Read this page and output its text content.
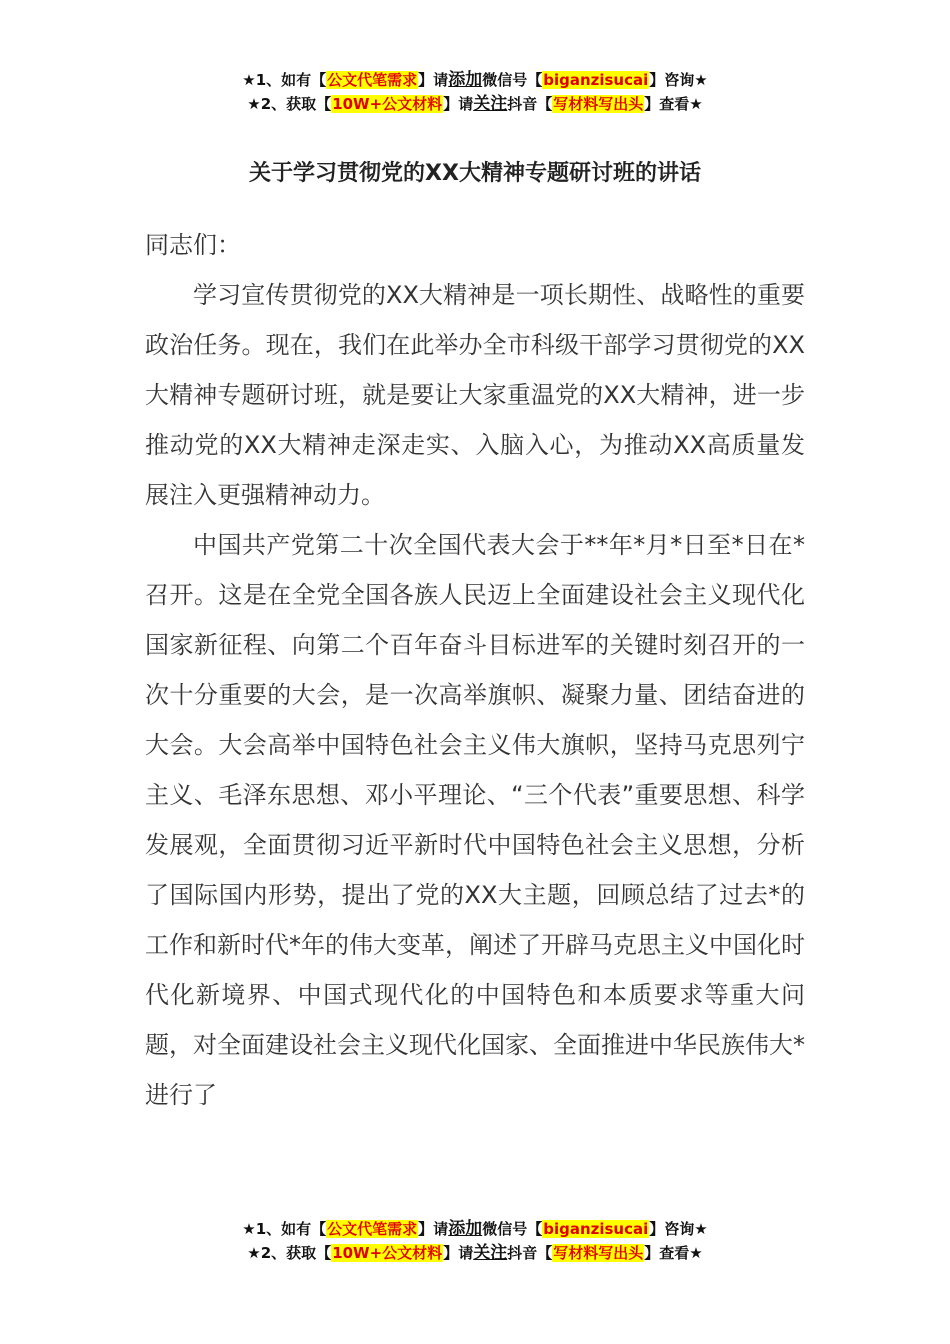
★1、如有【公文代笔需求】请添加微信号【biganzisucai】咨询★
★2、获取【10W+公文材料】请关注抖音【写材料写出头】查看★
关于学习贯彻党的XX大精神专题研讨班的讲话

同志们：

学习宣传贯彻党的XX大精神是一项长期性、战略性的重要政治任务。现在，我们在此举办全市科级干部学习贯彻党的XX大精神专题研讨班，就是要让大家重温党的XX大精神，进一步推动党的XX大精神走深走实、入脑入心，为推动XX高质量发展注入更强精神动力。

中国共产党第二十次全国代表大会于**年*月*日至*日在*召开。这是在全党全国各族人民迈上全面建设社会主义现代化国家新征程、向第二个百年奋斗目标进军的关键时刻召开的一次十分重要的大会，是一次高举旗帜、凝聚力量、团结奋进的大会。大会高举中国特色社会主义伟大旗帜，坚持马克思列宁主义、毛泽东思想、邓小平理论、“三个代表”重要思想、科学发展观，全面贯彻习近平新时代中国特色社会主义思想，分析了国际国内形势，提出了党的XX大主题，回顾总结了过去*的工作和新时代*年的伟大变革，阐述了开辟马克思主义中国化时代化新境界、中国式现代化的中国特色和本质要求等重大问题，对全面建设社会主义现代化国家、全面推进中华民族伟大*进行了

★1、如有【公文代笔需求】请添加微信号【biganzisucai】咨询★
★2、获取【10W+公文材料】请关注抖音【写材料写出头】查看★
